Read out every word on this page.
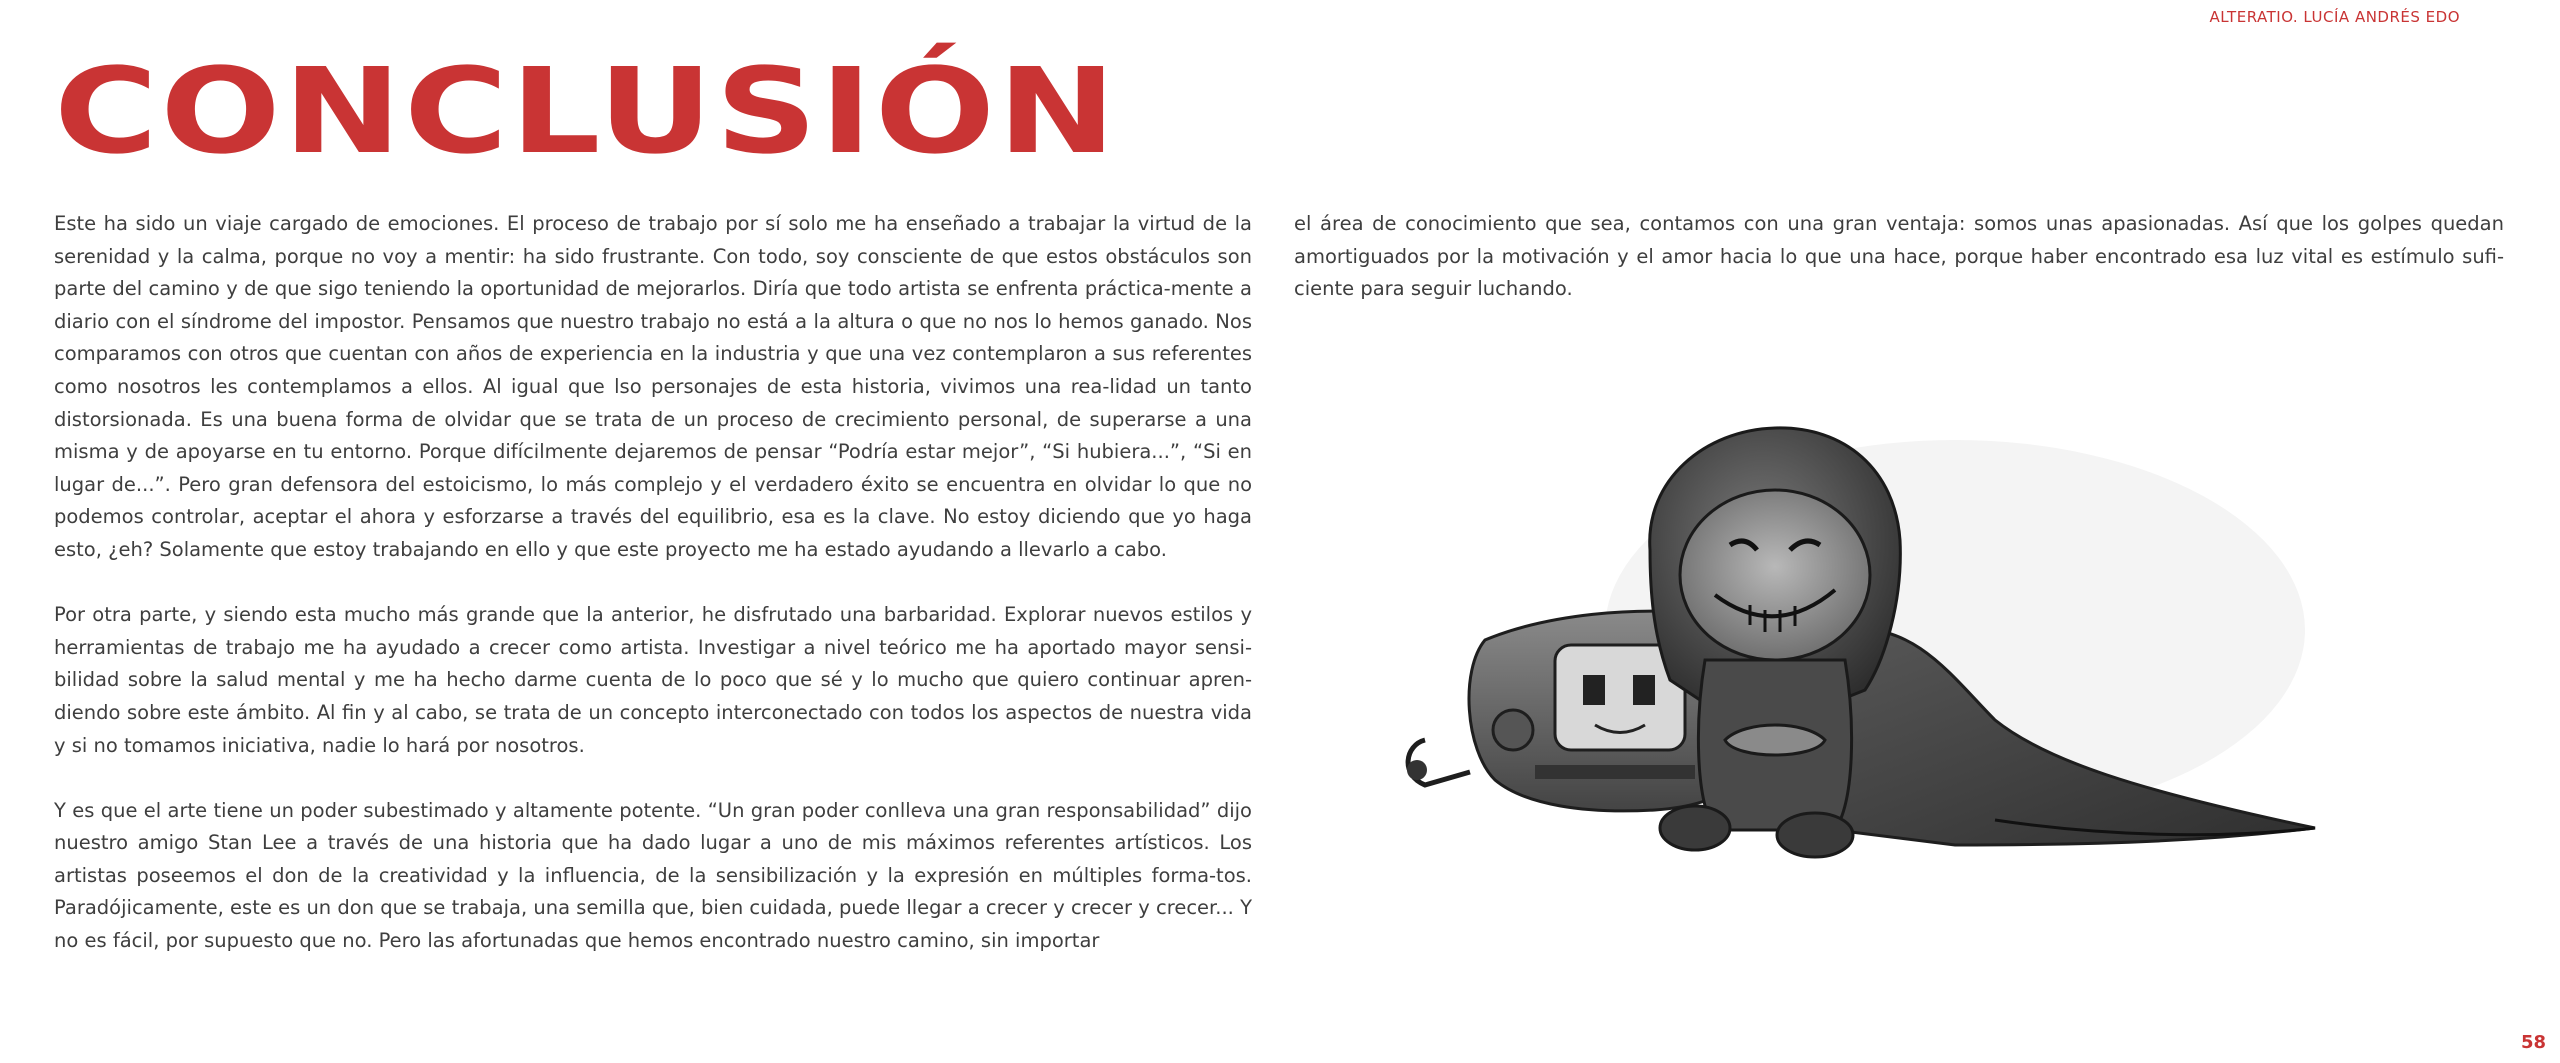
ALTERATIO. LUCÍA ANDRÉS EDO
CONCLUSIÓN

Este ha sido un viaje cargado de emociones. El proceso de trabajo por sí solo me ha enseñado a trabajar la virtud de la serenidad y la calma, porque no voy a mentir: ha sido frustrante. Con todo, soy consciente de que estos obstáculos son parte del camino y de que sigo teniendo la oportunidad de mejorarlos. Diría que todo artista se enfrenta práctica-mente a diario con el síndrome del impostor. Pensamos que nuestro trabajo no está a la altura o que no nos lo hemos ganado. Nos comparamos con otros que cuentan con años de experiencia en la industria y que una vez contemplaron a sus referentes como nosotros les contemplamos a ellos. Al igual que lso personajes de esta historia, vivimos una rea-lidad un tanto distorsionada. Es una buena forma de olvidar que se trata de un proceso de crecimiento personal, de superarse a una misma y de apoyarse en tu entorno. Porque difícilmente dejaremos de pensar “Podría estar mejor”, “Si hubiera...”, “Si en lugar de...”. Pero gran defensora del estoicismo, lo más complejo y el verdadero éxito se encuentra en olvidar lo que no podemos controlar, aceptar el ahora y esforzarse a través del equilibrio, esa es la clave. No estoy diciendo que yo haga esto, ¿eh? Solamente que estoy trabajando en ello y que este proyecto me ha estado ayudando a llevarlo a cabo.

Por otra parte, y siendo esta mucho más grande que la anterior, he disfrutado una barbaridad. Explorar nuevos estilos y herramientas de trabajo me ha ayudado a crecer como artista. Investigar a nivel teórico me ha aportado mayor sensi-bilidad sobre la salud mental y me ha hecho darme cuenta de lo poco que sé y lo mucho que quiero continuar apren-diendo sobre este ámbito. Al fin y al cabo, se trata de un concepto interconectado con todos los aspectos de nuestra vida y si no tomamos iniciativa, nadie lo hará por nosotros.

Y es que el arte tiene un poder subestimado y altamente potente. “Un gran poder conlleva una gran responsabilidad” dijo nuestro amigo Stan Lee a través de una historia que ha dado lugar a uno de mis máximos referentes artísticos. Los artistas poseemos el don de la creatividad y la influencia, de la sensibilización y la expresión en múltiples forma-tos. Paradójicamente, este es un don que se trabaja, una semilla que, bien cuidada, puede llegar a crecer y crecer y crecer... Y no es fácil, por supuesto que no. Pero las afortunadas que hemos encontrado nuestro camino, sin importar

el área de conocimiento que sea, contamos con una gran ventaja: somos unas apasionadas. Así que los golpes quedan amortiguados por la motivación y el amor hacia lo que una hace, porque haber encontrado esa luz vital es estímulo sufi-ciente para seguir luchando.

58
